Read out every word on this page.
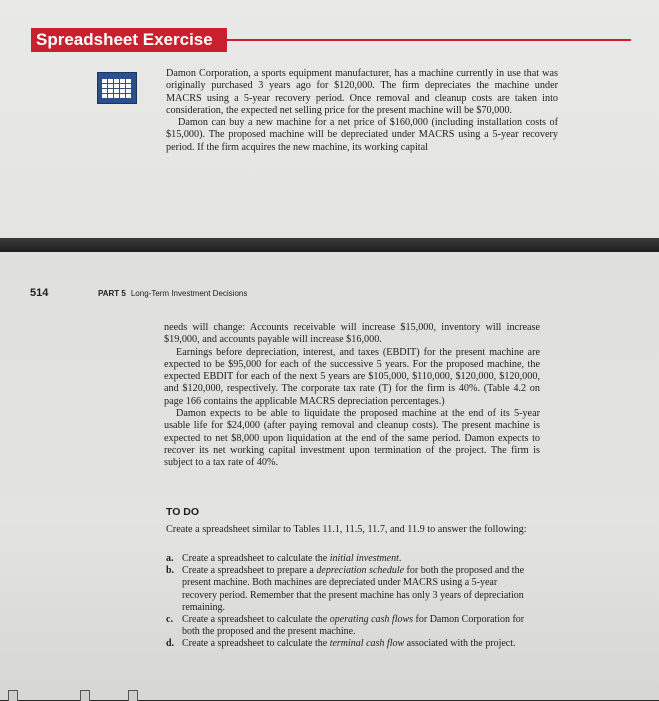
Spreadsheet Exercise

Damon Corporation, a sports equipment manufacturer, has a machine currently in use that was originally purchased 3 years ago for $120,000. The firm depreciates the machine under MACRS using a 5-year recovery period. Once removal and cleanup costs are taken into consideration, the expected net selling price for the present machine will be $70,000.

Damon can buy a new machine for a net price of $160,000 (including installation costs of $15,000). The proposed machine will be depreciated under MACRS using a 5-year recovery period. If the firm acquires the new machine, its working capital

514	PART 5 Long-Term Investment Decisions

needs will change: Accounts receivable will increase $15,000, inventory will increase $19,000, and accounts payable will increase $16,000.

Earnings before depreciation, interest, and taxes (EBDIT) for the present machine are expected to be $95,000 for each of the successive 5 years. For the proposed machine, the expected EBDIT for each of the next 5 years are $105,000, $110,000, $120,000, $120,000, and $120,000, respectively. The corporate tax rate (T) for the firm is 40%. (Table 4.2 on page 166 contains the applicable MACRS depreciation percentages.)

Damon expects to be able to liquidate the proposed machine at the end of its 5-year usable life for $24,000 (after paying removal and cleanup costs). The present machine is expected to net $8,000 upon liquidation at the end of the same period. Damon expects to recover its net working capital investment upon termination of the project. The firm is subject to a tax rate of 40%.

TO DO

Create a spreadsheet similar to Tables 11.1, 11.5, 11.7, and 11.9 to answer the following:

a. Create a spreadsheet to calculate the initial investment.
b. Create a spreadsheet to prepare a depreciation schedule for both the proposed and the present machine. Both machines are depreciated under MACRS using a 5-year recovery period. Remember that the present machine has only 3 years of depreciation remaining.
c. Create a spreadsheet to calculate the operating cash flows for Damon Corporation for both the proposed and the present machine.
d. Create a spreadsheet to calculate the terminal cash flow associated with the project.
